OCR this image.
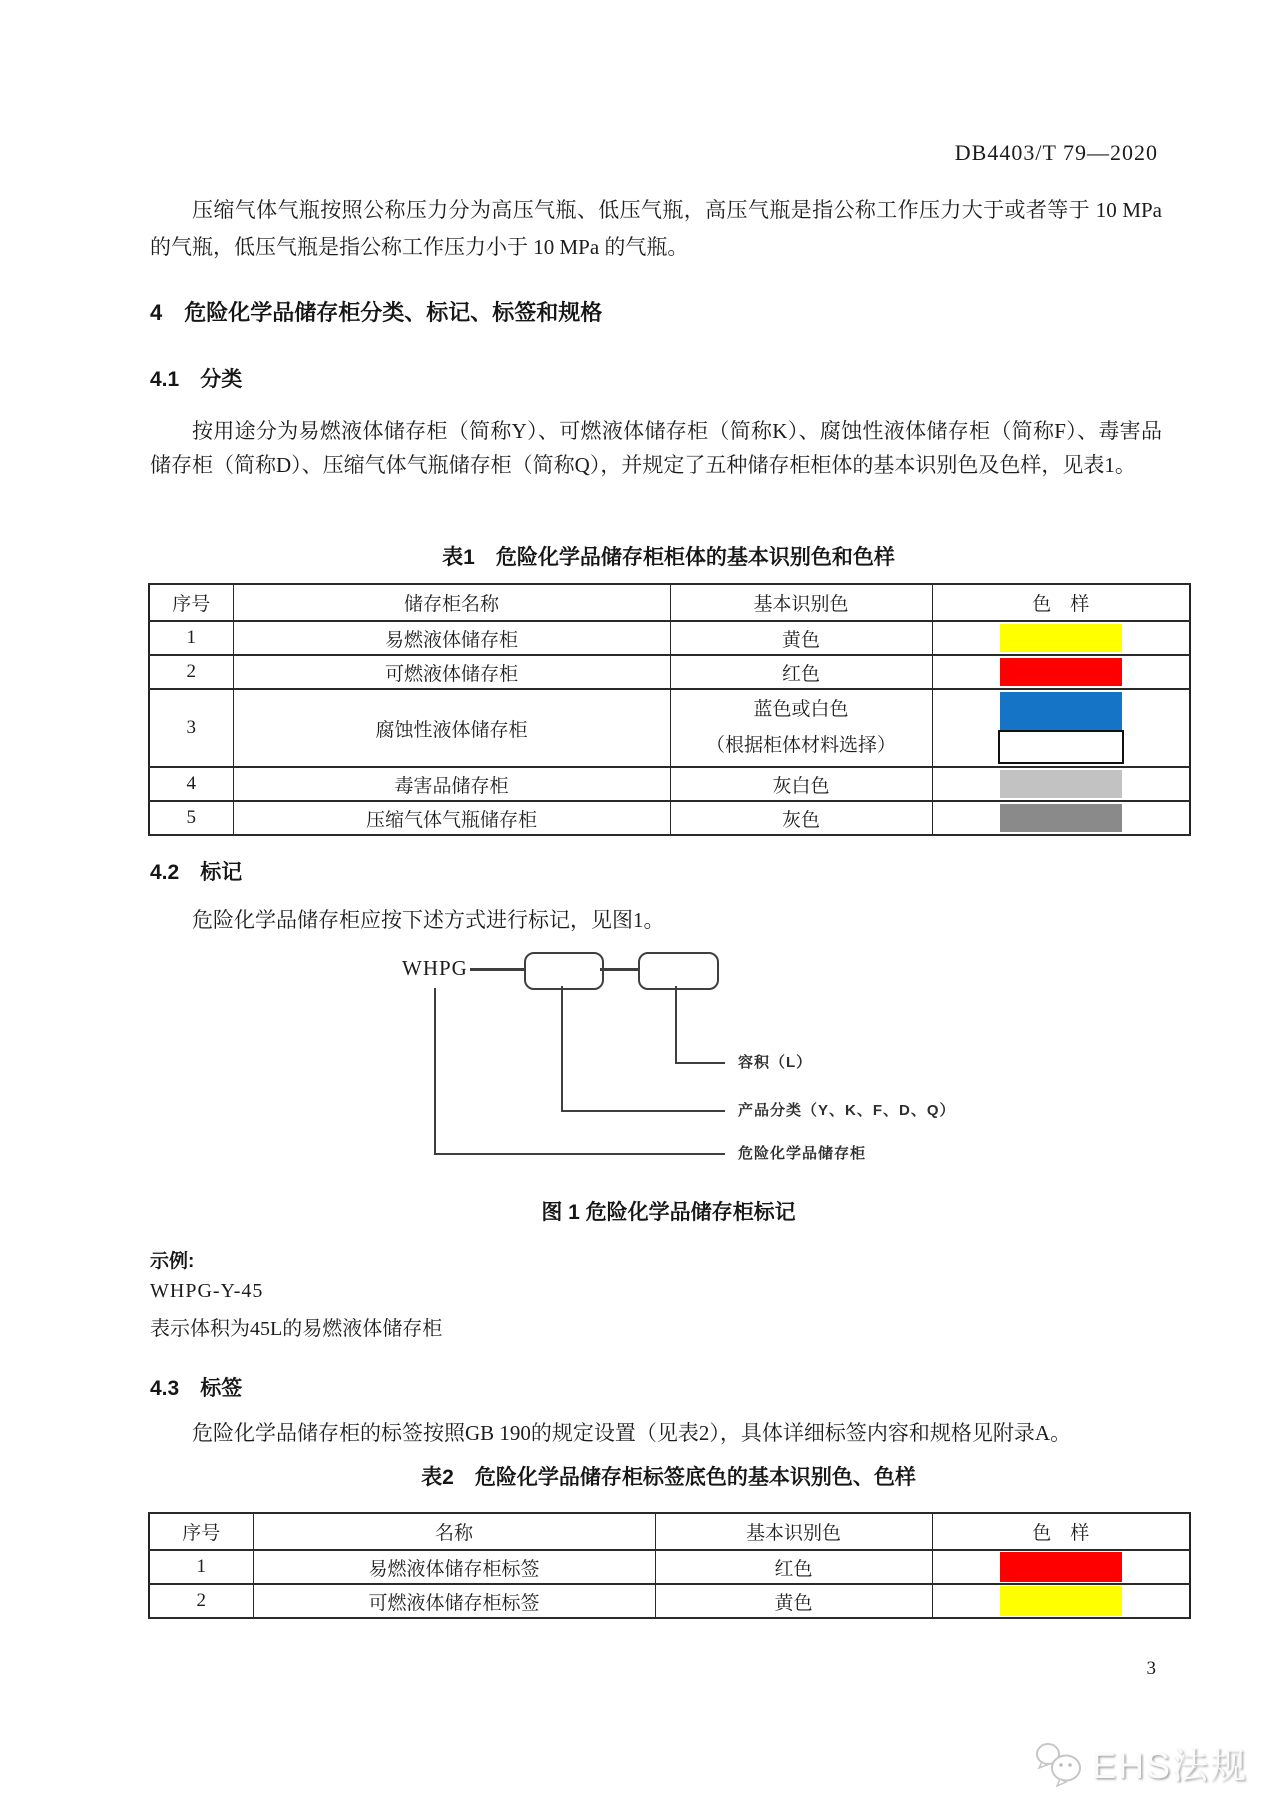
DB4403/T 79—2020
压缩气体气瓶按照公称压力分为高压气瓶、低压气瓶，高压气瓶是指公称工作压力大于或者等于 10 MPa 的气瓶，低压气瓶是指公称工作压力小于 10 MPa 的气瓶。
4　危险化学品储存柜分类、标记、标签和规格
4.1　分类
按用途分为易燃液体储存柜（简称Y）、可燃液体储存柜（简称K）、腐蚀性液体储存柜（简称F）、毒害品储存柜（简称D）、压缩气体气瓶储存柜（简称Q），并规定了五种储存柜柜体的基本识别色及色样，见表1。
表1　危险化学品储存柜柜体的基本识别色和色样
序号	储存柜名称	基本识别色	色　样
1	易燃液体储存柜	黄色	

2	可燃液体储存柜	红色	

3	腐蚀性液体储存柜	蓝色或白色
（根据柜体材料选择）	

4	毒害品储存柜	灰白色	

5	压缩气体气瓶储存柜	灰色	

4.2　标记
危险化学品储存柜应按下述方式进行标记，见图1。
WHPG
容积（L）
产品分类（Y、K、F、D、Q）
危险化学品储存柜
图 1 危险化学品储存柜标记
示例:
WHPG-Y-45
表示体积为45L的易燃液体储存柜
4.3　标签
危险化学品储存柜的标签按照GB 190的规定设置（见表2），具体详细标签内容和规格见附录A。
表2　危险化学品储存柜标签底色的基本识别色、色样
序号	名称	基本识别色	色　样
1	易燃液体储存柜标签	红色	

2	可燃液体储存柜标签	黄色	

3
EHS法规
